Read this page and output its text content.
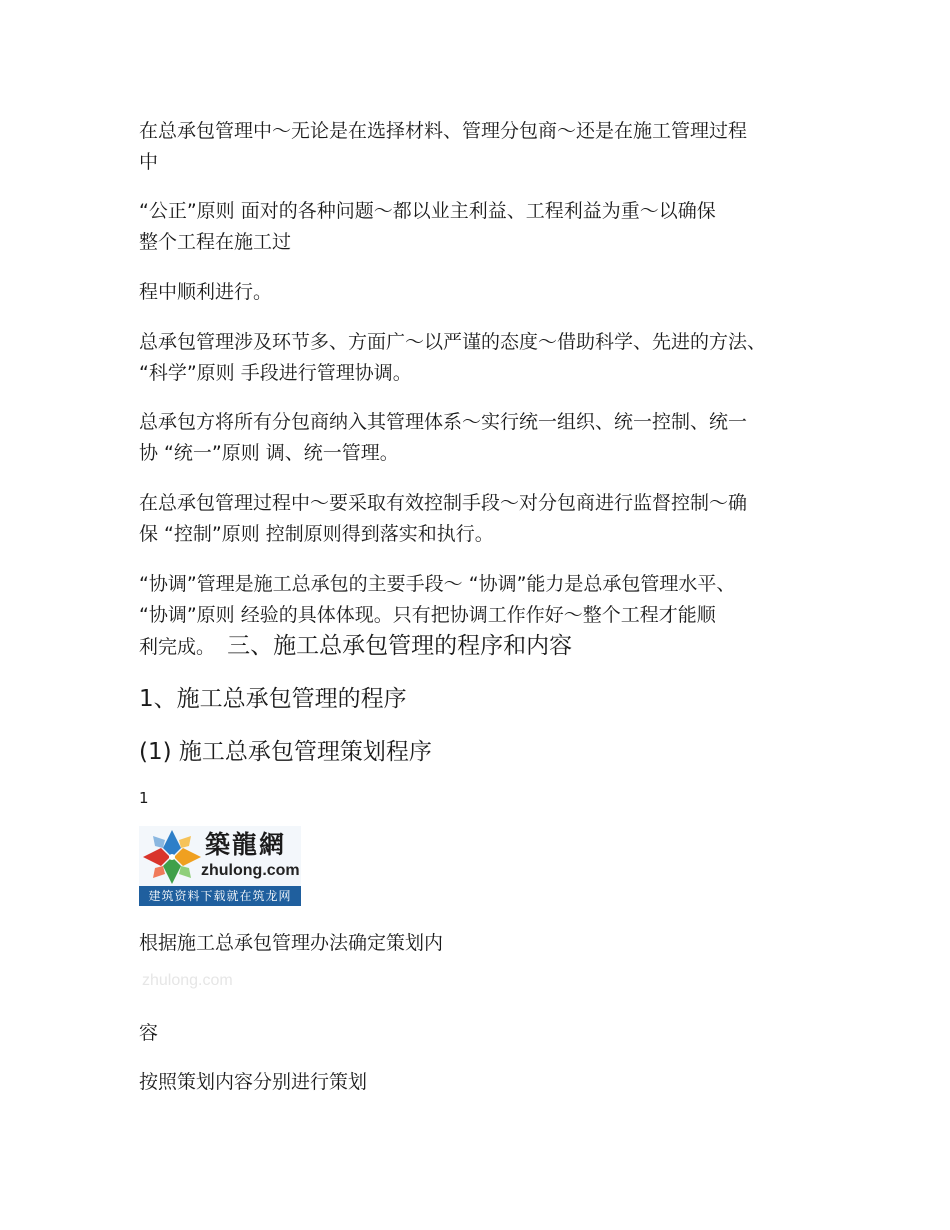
在总承包管理中～无论是在选择材料、管理分包商～还是在施工管理过程
中

“公正”原则 面对的各种问题～都以业主利益、工程利益为重～以确保
整个工程在施工过

程中顺利进行。

总承包管理涉及环节多、方面广～以严谨的态度～借助科学、先进的方法、
“科学”原则 手段进行管理协调。

总承包方将所有分包商纳入其管理体系～实行统一组织、统一控制、统一
协 “统一”原则 调、统一管理。

在总承包管理过程中～要采取有效控制手段～对分包商进行监督控制～确
保 “控制”原则 控制原则得到落实和执行。

“协调”管理是施工总承包的主要手段～ “协调”能力是总承包管理水平、
“协调”原则 经验的具体体现。只有把协调工作作好～整个工程才能顺
利完成。 三、施工总承包管理的程序和内容

1、施工总承包管理的程序
(1) 施工总承包管理策划程序
1
築龍網
zhulong.com
建筑资料下载就在筑龙网

根据施工总承包管理办法确定策划内

zhulong.com

容

按照策划内容分别进行策划
